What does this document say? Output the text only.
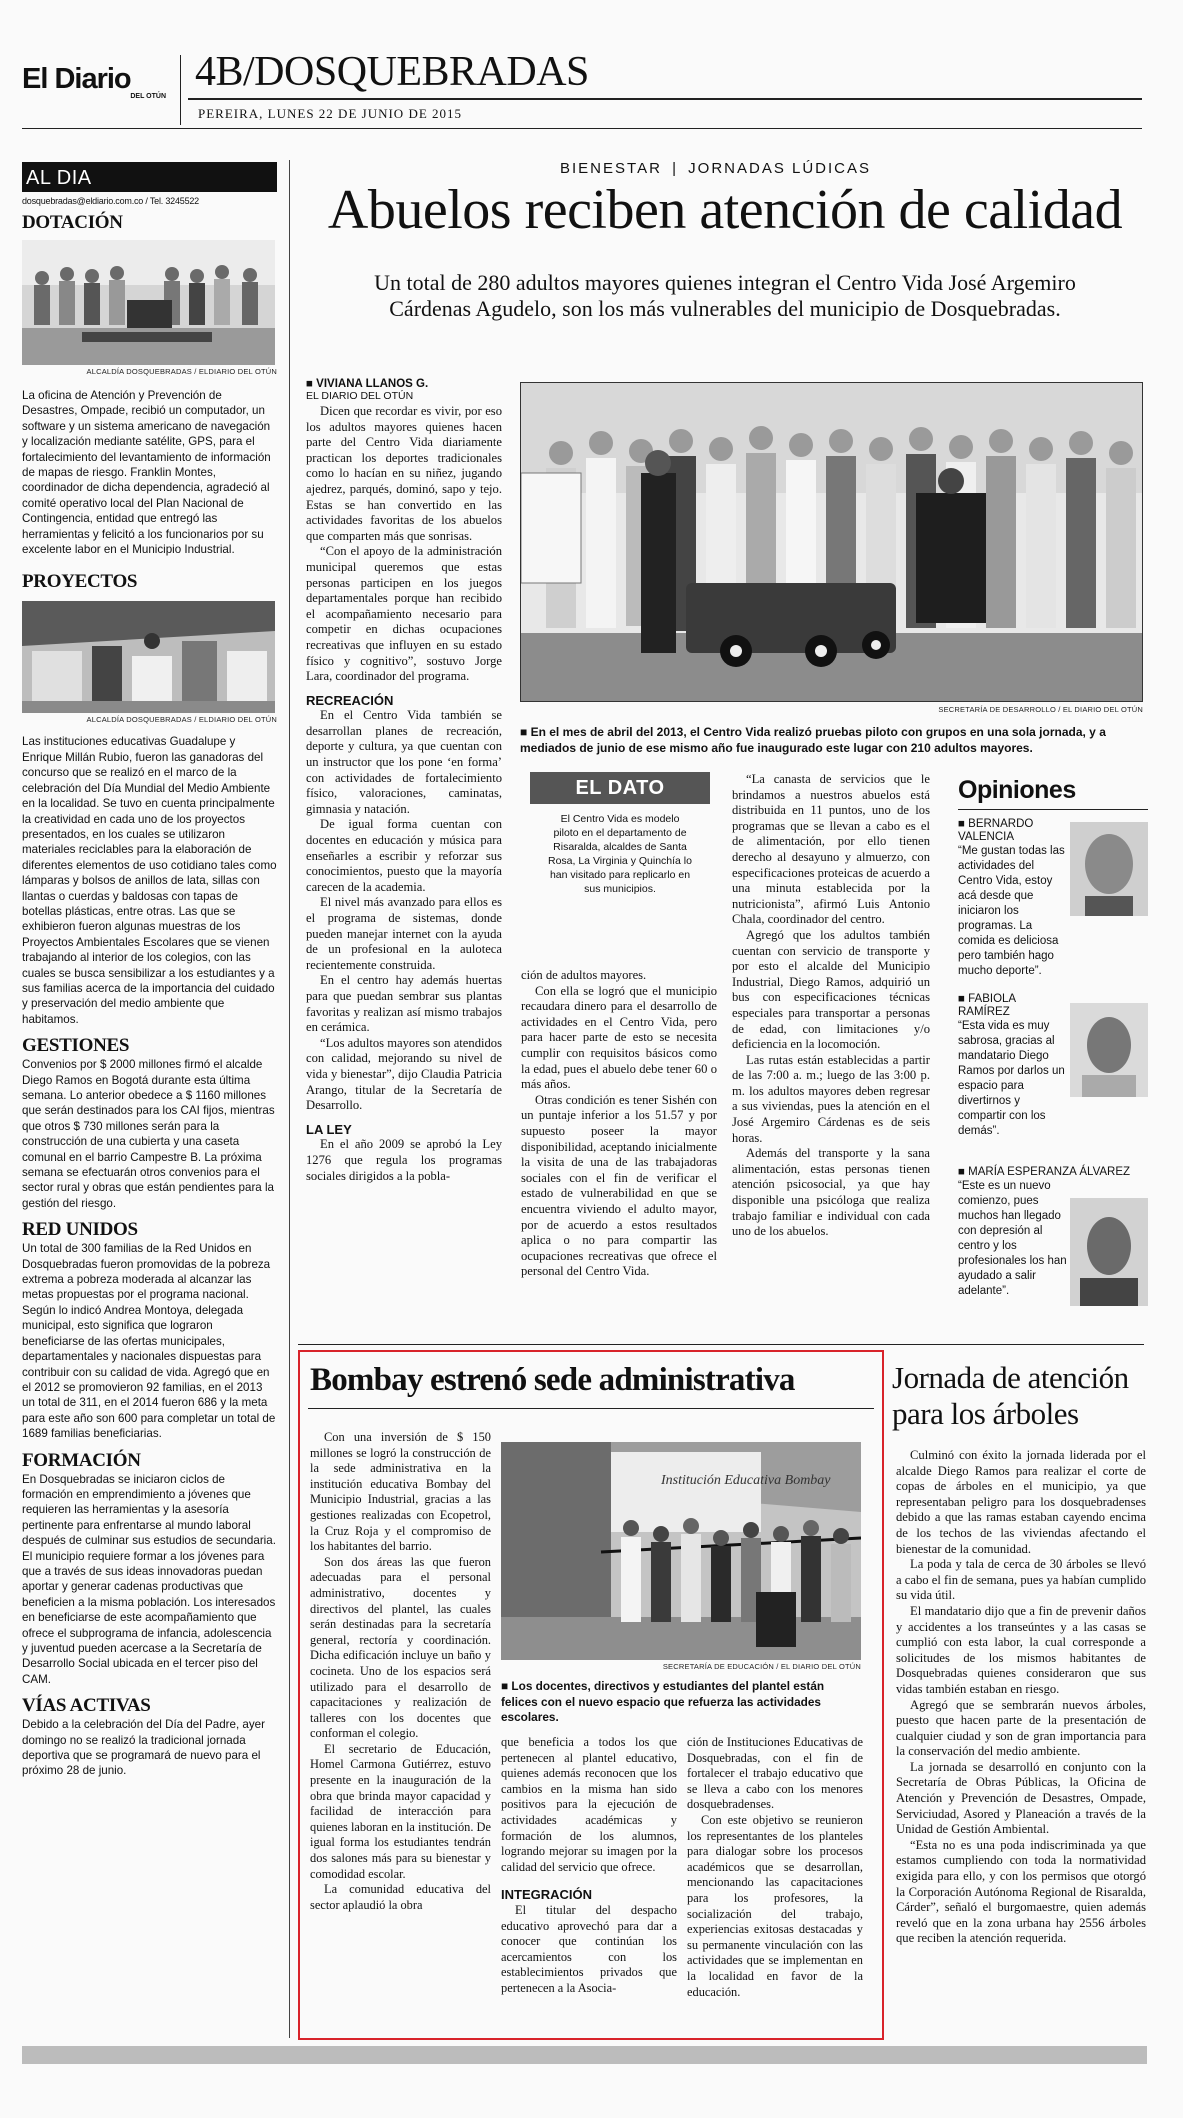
El Diario
DEL OTÚN
4B/DOSQUEBRADAS
PEREIRA, LUNES 22 DE JUNIO DE 2015
AL DIA
dosquebradas@eldiario.com.co / Tel. 3245522
DOTACIÓN
ALCALDÍA DOSQUEBRADAS / ELDIARIO DEL OTÚN
La oficina de Atención y Prevención de Desastres, Ompade, recibió un computador, un software y un sistema americano de navegación y localización mediante satélite, GPS, para el fortalecimiento del levantamiento de información de mapas de riesgo. Franklin Montes, coordinador de dicha dependencia, agradeció al comité operativo local del Plan Nacional de Contingencia, entidad que entregó las herramientas y felicitó a los funcionarios por su excelente labor en el Municipio Industrial.
PROYECTOS
ALCALDÍA DOSQUEBRADAS / ELDIARIO DEL OTÚN
Las instituciones educativas Guadalupe y Enrique Millán Rubio, fueron las ganadoras del concurso que se realizó en el marco de la celebración del Día Mundial del Medio Ambiente en la localidad. Se tuvo en cuenta principalmente la creatividad en cada uno de los proyectos presentados, en los cuales se utilizaron materiales reciclables para la elaboración de diferentes elementos de uso cotidiano tales como lámparas y bolsos de anillos de lata, sillas con llantas o cuerdas y baldosas con tapas de botellas plásticas, entre otras. Las que se exhibieron fueron algunas muestras de los Proyectos Ambientales Escolares que se vienen trabajando al interior de los colegios, con las cuales se busca sensibilizar a los estudiantes y a sus familias acerca de la importancia del cuidado y preservación del medio ambiente que habitamos.
GESTIONES
Convenios por $ 2000 millones firmó el alcalde Diego Ramos en Bogotá durante esta última semana. Lo anterior obedece a $ 1160 millones que serán destinados para los CAI fijos, mientras que otros $ 730 millones serán para la construcción de una cubierta y una caseta comunal en el barrio Campestre B. La próxima semana se efectuarán otros convenios para el sector rural y obras que están pendientes para la gestión del riesgo.
RED UNIDOS
Un total de 300 familias de la Red Unidos en Dosquebradas fueron promovidas de la pobreza extrema a pobreza moderada al alcanzar las metas propuestas por el programa nacional. Según lo indicó Andrea Montoya, delegada municipal, esto significa que lograron beneficiarse de las ofertas municipales, departamentales y nacionales dispuestas para contribuir con su calidad de vida. Agregó que en el 2012 se promovieron 92 familias, en el 2013 un total de 311, en el 2014 fueron 686 y la meta para este año son 600 para completar un total de 1689 familias beneficiarias.
FORMACIÓN
En Dosquebradas se iniciaron ciclos de formación en emprendimiento a jóvenes que requieren las herramientas y la asesoría pertinente para enfrentarse al mundo laboral después de culminar sus estudios de secundaria. El municipio requiere formar a los jóvenes para que a través de sus ideas innovadoras puedan aportar y generar cadenas productivas que beneficien a la misma población. Los interesados en beneficiarse de este acompañamiento que ofrece el subprograma de infancia, adolescencia y juventud pueden acercase a la Secretaría de Desarrollo Social ubicada en el tercer piso del CAM.
VÍAS ACTIVAS
Debido a la celebración del Día del Padre, ayer domingo no se realizó la tradicional jornada deportiva que se programará de nuevo para el próximo 28 de junio.
BIENESTAR | JORNADAS LÚDICAS
Abuelos reciben atención de calidad
Un total de 280 adultos mayores quienes integran el Centro Vida José Argemiro Cárdenas Agudelo, son los más vulnerables del municipio de Dosquebradas.
■ VIVIANA LLANOS G.
EL DIARIO DEL OTÚN

Dicen que recordar es vivir, por eso los adultos mayores quienes hacen parte del Centro Vida diariamente practican los deportes tradicionales como lo hacían en su niñez, jugando ajedrez, parqués, dominó, sapo y tejo. Estas se han convertido en las actividades favoritas de los abuelos que comparten más que sonrisas.

“Con el apoyo de la administración municipal queremos que estas personas participen en los juegos departamentales porque han recibido el acompañamiento necesario para competir en dichas ocupaciones recreativas que influyen en su estado físico y cognitivo”, sostuvo Jorge Lara, coordinador del programa.

RECREACIÓN

En el Centro Vida también se desarrollan planes de recreación, deporte y cultura, ya que cuentan con un instructor que los pone ‘en forma’ con actividades de fortalecimiento físico, valoraciones, caminatas, gimnasia y natación.

De igual forma cuentan con docentes en educación y música para enseñarles a escribir y reforzar sus conocimientos, puesto que la mayoría carecen de la academia.

El nivel más avanzado para ellos es el programa de sistemas, donde pueden manejar internet con la ayuda de un profesional en la auloteca recientemente construida.

En el centro hay además huertas para que puedan sembrar sus plantas favoritas y realizan así mismo trabajos en cerámica.

“Los adultos mayores son atendidos con calidad, mejorando su nivel de vida y bienestar”, dijo Claudia Patricia Arango, titular de la Secretaría de Desarrollo.

LA LEY

En el año 2009 se aprobó la Ley 1276 que regula los programas sociales dirigidos a la pobla-

SECRETARÍA DE DESARROLLO / EL DIARIO DEL OTÚN
■ En el mes de abril del 2013, el Centro Vida realizó pruebas piloto con grupos en una sola jornada, y a mediados de junio de ese mismo año fue inaugurado este lugar con 210 adultos mayores.
EL DATO
El Centro Vida es modelo piloto en el departamento de Risaralda, alcaldes de Santa Rosa, La Virginia y Quinchía lo han visitado para replicarlo en sus municipios.

ción de adultos mayores.

Con ella se logró que el municipio recaudara dinero para el desarrollo de actividades en el Centro Vida, pero para hacer parte de esto se necesita cumplir con requisitos básicos como la edad, pues el abuelo debe tener 60 o más años.

Otras condición es tener Sishén con un puntaje inferior a los 51.57 y por supuesto poseer la mayor disponibilidad, aceptando inicialmente la visita de una de las trabajadoras sociales con el fin de verificar el estado de vulnerabilidad en que se encuentra viviendo el adulto mayor, por de acuerdo a estos resultados aplica o no para compartir las ocupaciones recreativas que ofrece el personal del Centro Vida.

“La canasta de servicios que le brindamos a nuestros abuelos está distribuida en 11 puntos, uno de los programas que se llevan a cabo es el de alimentación, por ello tienen derecho al desayuno y almuerzo, con especificaciones proteicas de acuerdo a una minuta establecida por la nutricionista”, afirmó Luis Antonio Chala, coordinador del centro.

Agregó que los adultos también cuentan con servicio de transporte y por esto el alcalde del Municipio Industrial, Diego Ramos, adquirió un bus con especificaciones técnicas especiales para transportar a personas de edad, con limitaciones y/o deficiencia en la locomoción.

Las rutas están establecidas a partir de las 7:00 a. m.; luego de las 3:00 p. m. los adultos mayores deben regresar a sus viviendas, pues la atención en el José Argemiro Cárdenas es de seis horas.

Además del transporte y la sana alimentación, estas personas tienen atención psicosocial, ya que hay disponible una psicóloga que realiza trabajo familiar e individual con cada uno de los abuelos.

Opiniones
■ BERNARDO VALENCIA
“Me gustan todas las actividades del Centro Vida, estoy acá desde que iniciaron los programas. La comida es deliciosa pero también hago mucho deporte”.
■ FABIOLA RAMÍREZ
“Esta vida es muy sabrosa, gracias al mandatario Diego Ramos por darlos un espacio para divertirnos y compartir con los demás”.
■ MARÍA ESPERANZA ÁLVAREZ
“Este es un nuevo comienzo, pues muchos han llegado con depresión al centro y los profesionales los han ayudado a salir adelante”.
Bombay estrenó sede administrativa

Con una inversión de $ 150 millones se logró la construcción de la sede administrativa en la institución educativa Bombay del Municipio Industrial, gracias a las gestiones realizadas con Ecopetrol, la Cruz Roja y el compromiso de los habitantes del barrio.

Son dos áreas las que fueron adecuadas para el personal administrativo, docentes y directivos del plantel, las cuales serán destinadas para la secretaría general, rectoría y coordinación. Dicha edificación incluye un baño y cocineta. Uno de los espacios será utilizado para el desarrollo de capacitaciones y realización de talleres con los docentes que conforman el colegio.

El secretario de Educación, Homel Carmona Gutiérrez, estuvo presente en la inauguración de la obra que brinda mayor capacidad y facilidad de interacción para quienes laboran en la institución. De igual forma los estudiantes tendrán dos salones más para su bienestar y comodidad escolar.

La comunidad educativa del sector aplaudió la obra

Institución Educativa Bombay
SECRETARÍA DE EDUCACIÓN / EL DIARIO DEL OTÚN
■ Los docentes, directivos y estudiantes del plantel están felices con el nuevo espacio que refuerza las actividades escolares.

que beneficia a todos los que pertenecen al plantel educativo, quienes además reconocen que los cambios en la misma han sido positivos para la ejecución de actividades académicas y formación de los alumnos, logrando mejorar su imagen por la calidad del servicio que ofrece.

INTEGRACIÓN

El titular del despacho educativo aprovechó para dar a conocer que continúan los acercamientos con los establecimientos privados que pertenecen a la Asocia-

ción de Instituciones Educativas de Dosquebradas, con el fin de fortalecer el trabajo educativo que se lleva a cabo con los menores dosquebradenses.

Con este objetivo se reunieron los representantes de los planteles para dialogar sobre los procesos académicos que se desarrollan, mencionando las capacitaciones para los profesores, la socialización del trabajo, experiencias exitosas destacadas y su permanente vinculación con las actividades que se implementan en la localidad en favor de la educación.

Jornada de atención para los árboles

Culminó con éxito la jornada liderada por el alcalde Diego Ramos para realizar el corte de copas de árboles en el municipio, ya que representaban peligro para los dosquebradenses debido a que las ramas estaban cayendo encima de los techos de las viviendas afectando el bienestar de la comunidad.

La poda y tala de cerca de 30 árboles se llevó a cabo el fin de semana, pues ya habían cumplido su vida útil.

El mandatario dijo que a fin de prevenir daños y accidentes a los transeúntes y a las casas se cumplió con esta labor, la cual corresponde a solicitudes de los mismos habitantes de Dosquebradas quienes consideraron que sus vidas también estaban en riesgo.

Agregó que se sembrarán nuevos árboles, puesto que hacen parte de la presentación de cualquier ciudad y son de gran importancia para la conservación del medio ambiente.

La jornada se desarrolló en conjunto con la Secretaría de Obras Públicas, la Oficina de Atención y Prevención de Desastres, Ompade, Serviciudad, Asored y Planeación a través de la Unidad de Gestión Ambiental.

“Esta no es una poda indiscriminada ya que estamos cumpliendo con toda la normatividad exigida para ello, y con los permisos que otorgó la Corporación Autónoma Regional de Risaralda, Cárder”, señaló el burgomaestre, quien además reveló que en la zona urbana hay 2556 árboles que reciben la atención requerida.
